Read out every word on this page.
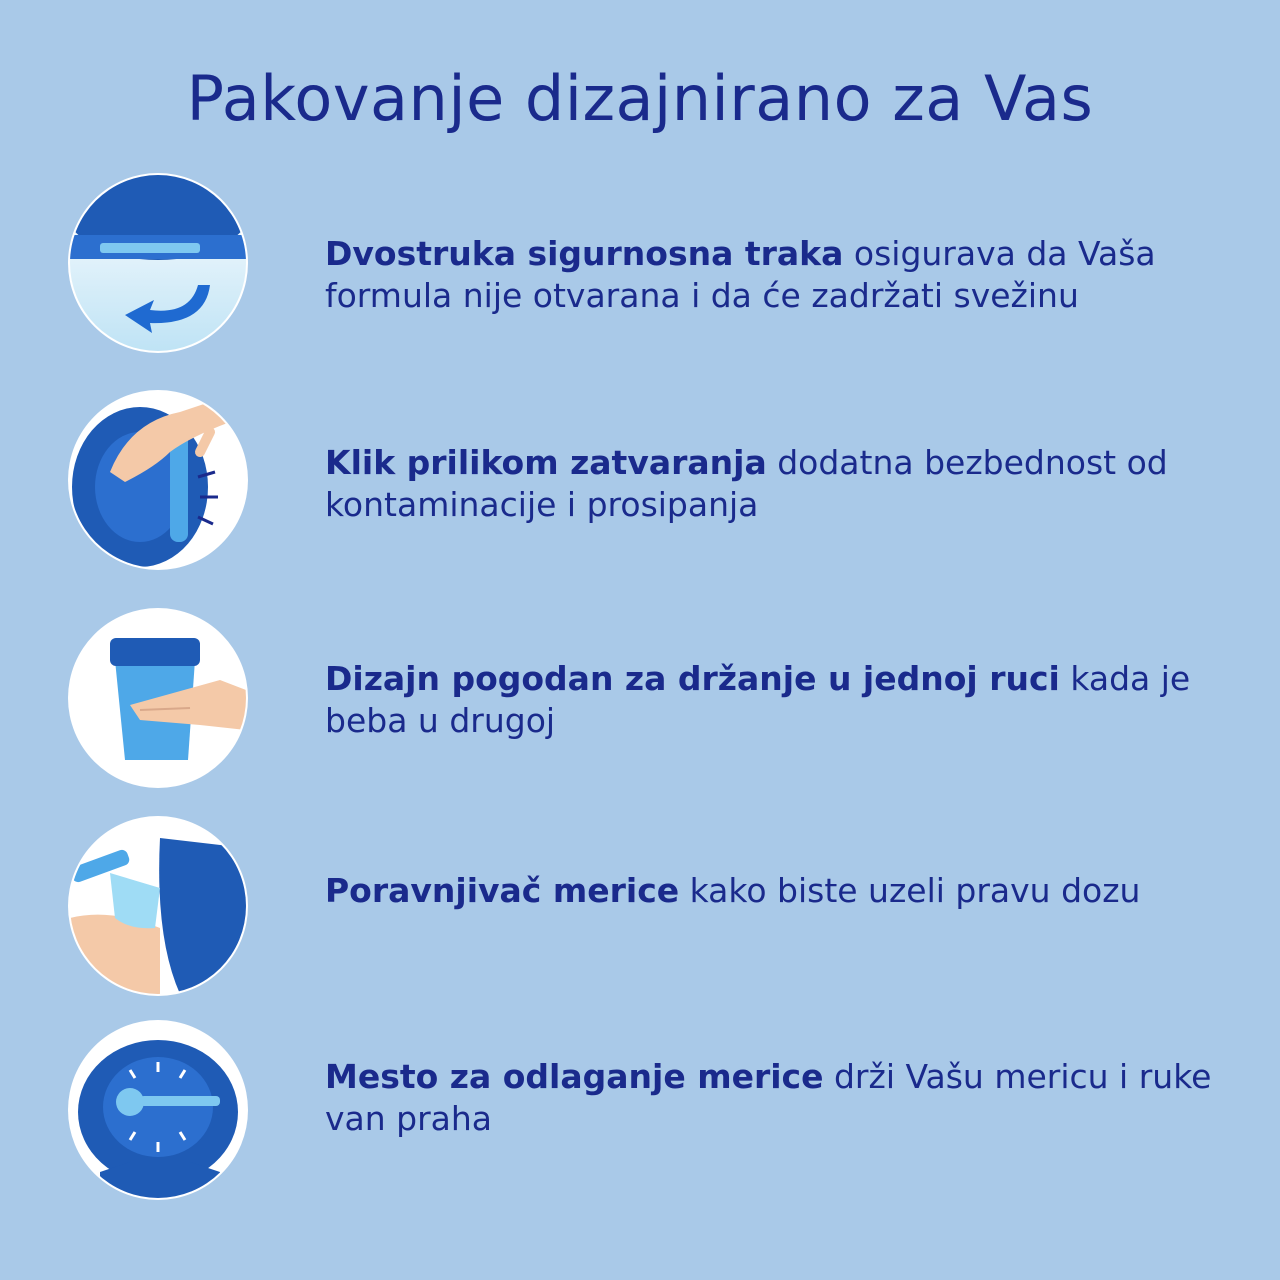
Pakovanje dizajnirano za Vas
Dvostruka sigurnosna traka osigurava da Vaša formula nije otvarana i da će zadržati svežinu
Klik prilikom zatvaranja dodatna bezbednost od kontaminacije i prosipanja
Dizajn pogodan za držanje u jednoj ruci kada je beba u drugoj
Poravnjivač merice kako biste uzeli pravu dozu
Mesto za odlaganje merice drži Vašu mericu i ruke van praha
